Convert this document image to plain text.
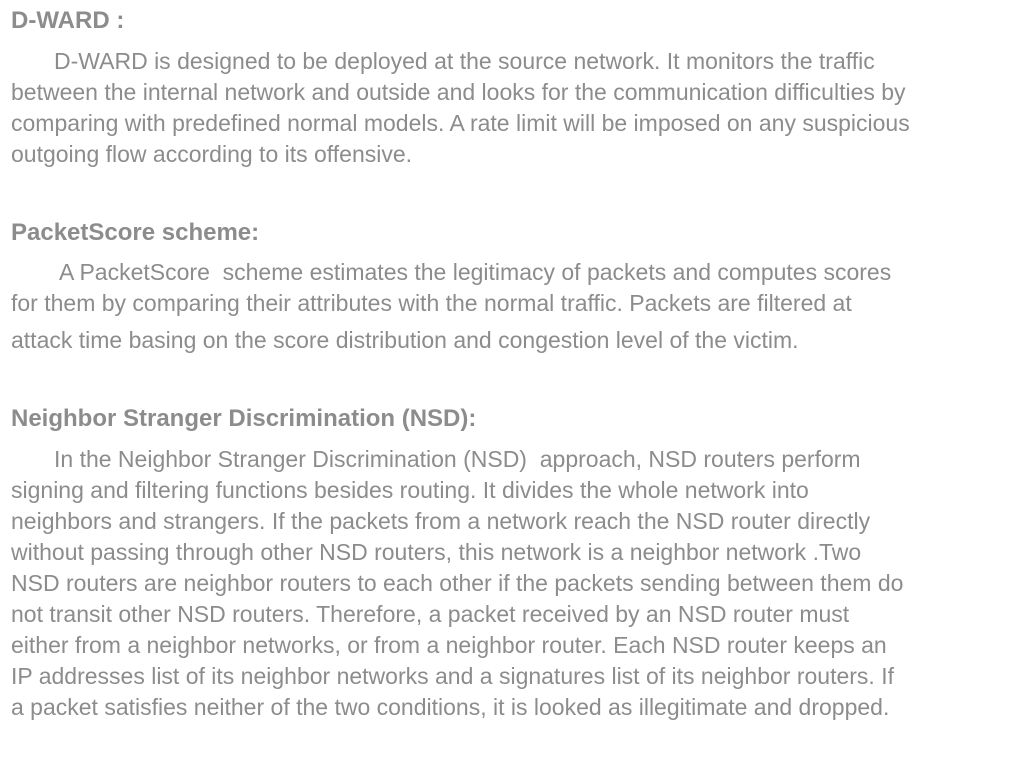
D-WARD :

D-WARD is designed to be deployed at the source network. It monitors the traffic
between the internal network and outside and looks for the communication difficulties by
comparing with predefined normal models. A rate limit will be imposed on any suspicious
outgoing flow according to its offensive.

PacketScore scheme:

A PacketScore  scheme estimates the legitimacy of packets and computes scores
for them by comparing their attributes with the normal traffic. Packets are filtered at

attack time basing on the score distribution and congestion level of the victim.

Neighbor Stranger Discrimination (NSD):

In the Neighbor Stranger Discrimination (NSD)  approach, NSD routers perform
signing and filtering functions besides routing. It divides the whole network into
neighbors and strangers. If the packets from a network reach the NSD router directly
without passing through other NSD routers, this network is a neighbor network .Two
NSD routers are neighbor routers to each other if the packets sending between them do
not transit other NSD routers. Therefore, a packet received by an NSD router must
either from a neighbor networks, or from a neighbor router. Each NSD router keeps an
IP addresses list of its neighbor networks and a signatures list of its neighbor routers. If
a packet satisfies neither of the two conditions, it is looked as illegitimate and dropped.
